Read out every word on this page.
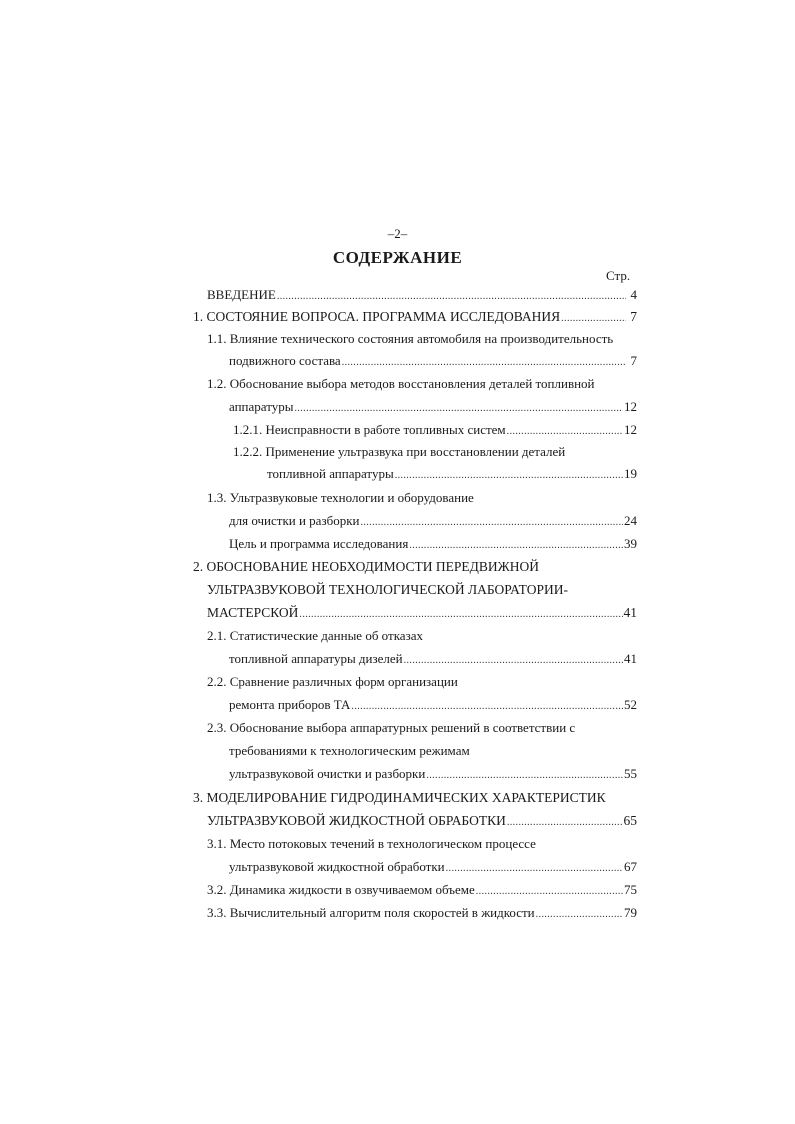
–2–
СОДЕРЖАНИЕ
Стр.
ВВЕДЕНИЕ .....	4
1. СОСТОЯНИЕ ВОПРОСА. ПРОГРАММА ИССЛЕДОВАНИЯ .....	7
1.1. Влияние технического состояния автомобиля на производительность
подвижного состава .....	7
1.2. Обоснование выбора методов восстановления деталей топливной
аппаратуры .....	12
1.2.1. Неисправности в работе топливных систем .....	12
1.2.2. Применение ультразвука при восстановлении деталей
топливной аппаратуры .....	19
1.3. Ультразвуковые технологии и оборудование
для очистки и разборки .....	24
Цель и программа исследования .....	39
2. ОБОСНОВАНИЕ НЕОБХОДИМОСТИ ПЕРЕДВИЖНОЙ
УЛЬТРАЗВУКОВОЙ ТЕХНОЛОГИЧЕСКОЙ ЛАБОРАТОРИИ-
МАСТЕРСКОЙ .....	41
2.1. Статистические данные об отказах
топливной аппаратуры дизелей .....	41
2.2. Сравнение различных форм организации
ремонта приборов ТА .....	52
2.3. Обоснование выбора аппаратурных решений в соответствии с
требованиями к технологическим режимам
ультразвуковой очистки и разборки .....	55
3. МОДЕЛИРОВАНИЕ ГИДРОДИНАМИЧЕСКИХ ХАРАКТЕРИСТИК
УЛЬТРАЗВУКОВОЙ ЖИДКОСТНОЙ ОБРАБОТКИ .....	65
3.1. Место потоковых течений в технологическом процессе
ультразвуковой жидкостной обработки .....	67
3.2. Динамика жидкости в озвучиваемом объеме .....	75
3.3. Вычислительный алгоритм поля скоростей в жидкости .....	79
